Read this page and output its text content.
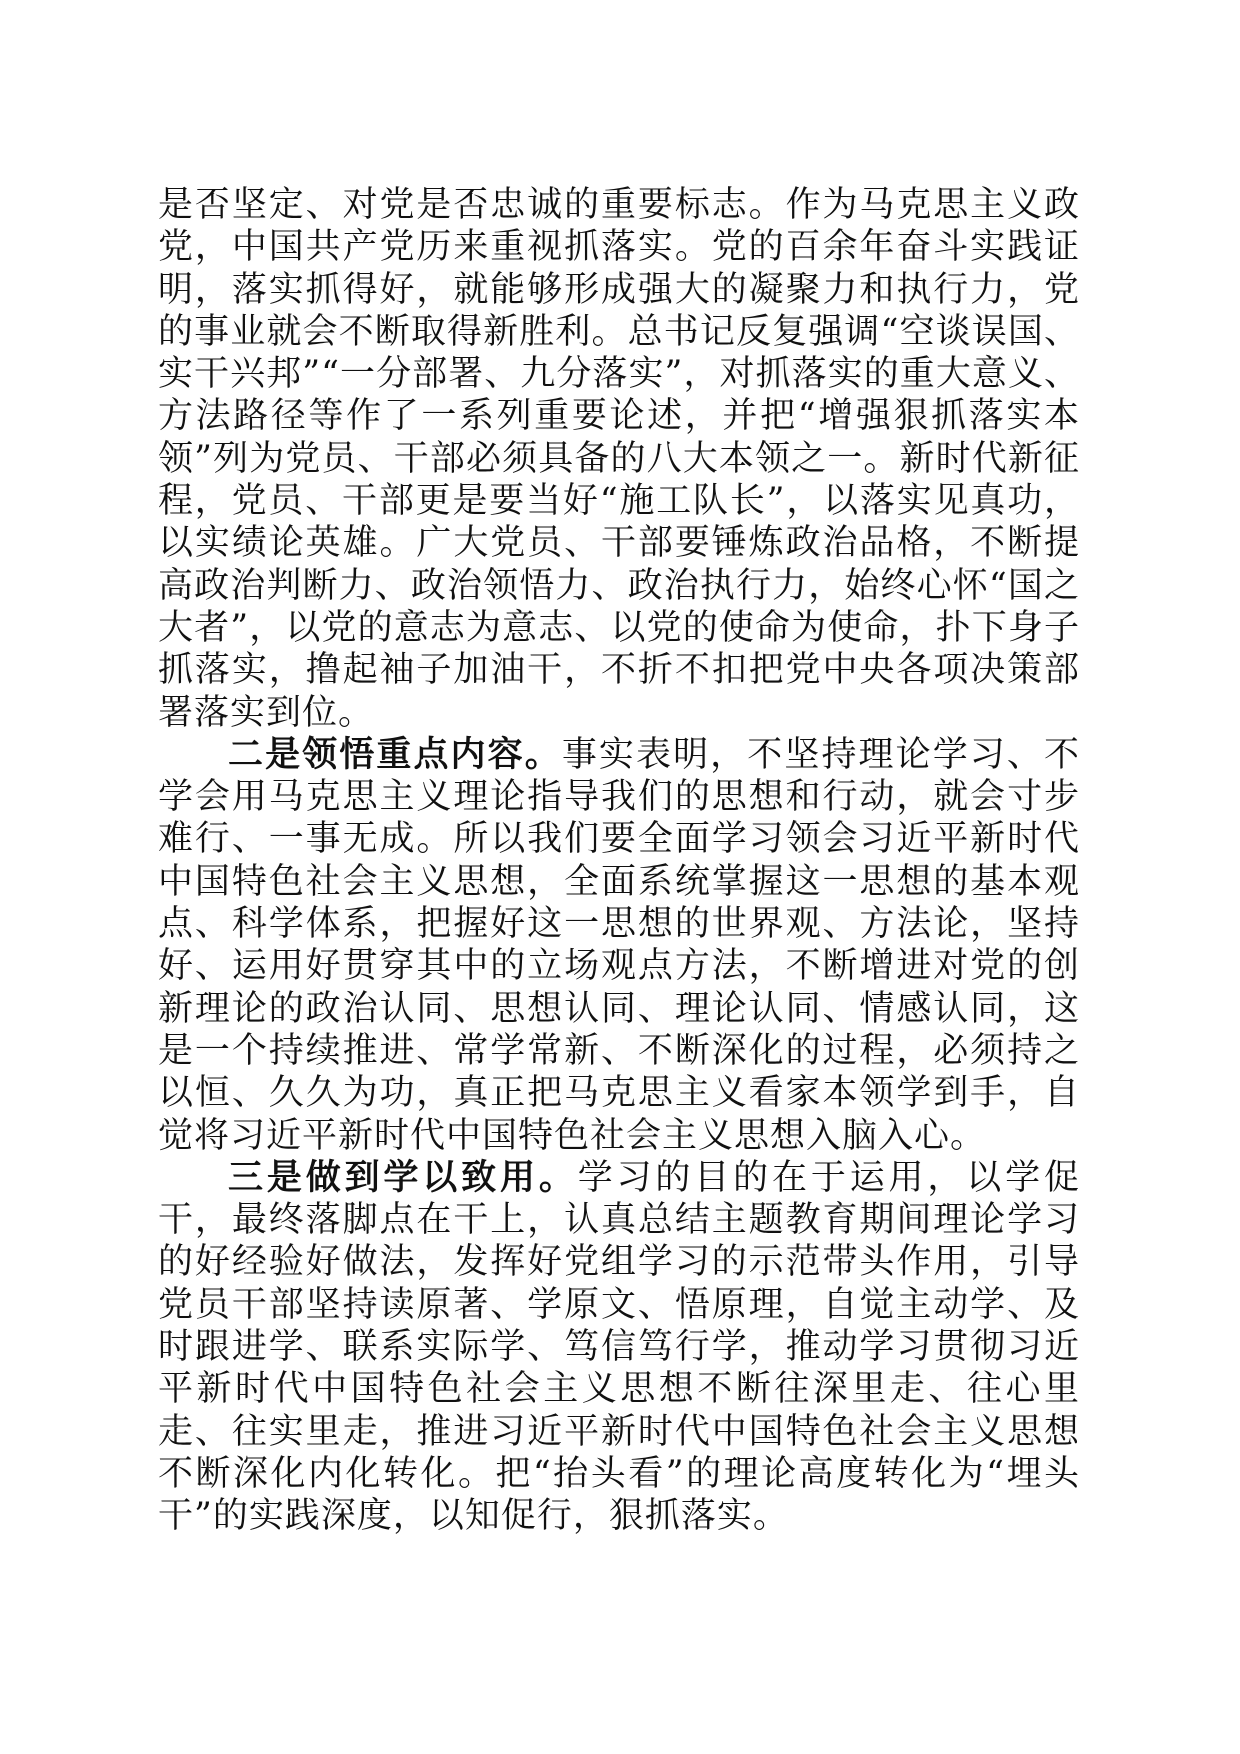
是否坚定、对党是否忠诚的重要标志。作为马克思主义政党，中国共产党历来重视抓落实。党的百余年奋斗实践证明，落实抓得好，就能够形成强大的凝聚力和执行力，党的事业就会不断取得新胜利。总书记反复强调“空谈误国、实干兴邦”“一分部署、九分落实”，对抓落实的重大意义、方法路径等作了一系列重要论述，并把“增强狠抓落实本领”列为党员、干部必须具备的八大本领之一。新时代新征程，党员、干部更是要当好“施工队长”，以落实见真功，以实绩论英雄。广大党员、干部要锤炼政治品格，不断提高政治判断力、政治领悟力、政治执行力，始终心怀“国之大者”，以党的意志为意志、以党的使命为使命，扑下身子抓落实，撸起袖子加油干，不折不扣把党中央各项决策部署落实到位。

二是领悟重点内容。事实表明，不坚持理论学习、不学会用马克思主义理论指导我们的思想和行动，就会寸步难行、一事无成。所以我们要全面学习领会习近平新时代中国特色社会主义思想，全面系统掌握这一思想的基本观点、科学体系，把握好这一思想的世界观、方法论，坚持好、运用好贯穿其中的立场观点方法，不断增进对党的创新理论的政治认同、思想认同、理论认同、情感认同，这是一个持续推进、常学常新、不断深化的过程，必须持之以恒、久久为功，真正把马克思主义看家本领学到手，自觉将习近平新时代中国特色社会主义思想入脑入心。

三是做到学以致用。学习的目的在于运用，以学促干，最终落脚点在干上，认真总结主题教育期间理论学习的好经验好做法，发挥好党组学习的示范带头作用，引导党员干部坚持读原著、学原文、悟原理，自觉主动学、及时跟进学、联系实际学、笃信笃行学，推动学习贯彻习近平新时代中国特色社会主义思想不断往深里走、往心里走、往实里走，推进习近平新时代中国特色社会主义思想不断深化内化转化。把“抬头看”的理论高度转化为“埋头干”的实践深度，以知促行，狠抓落实。
